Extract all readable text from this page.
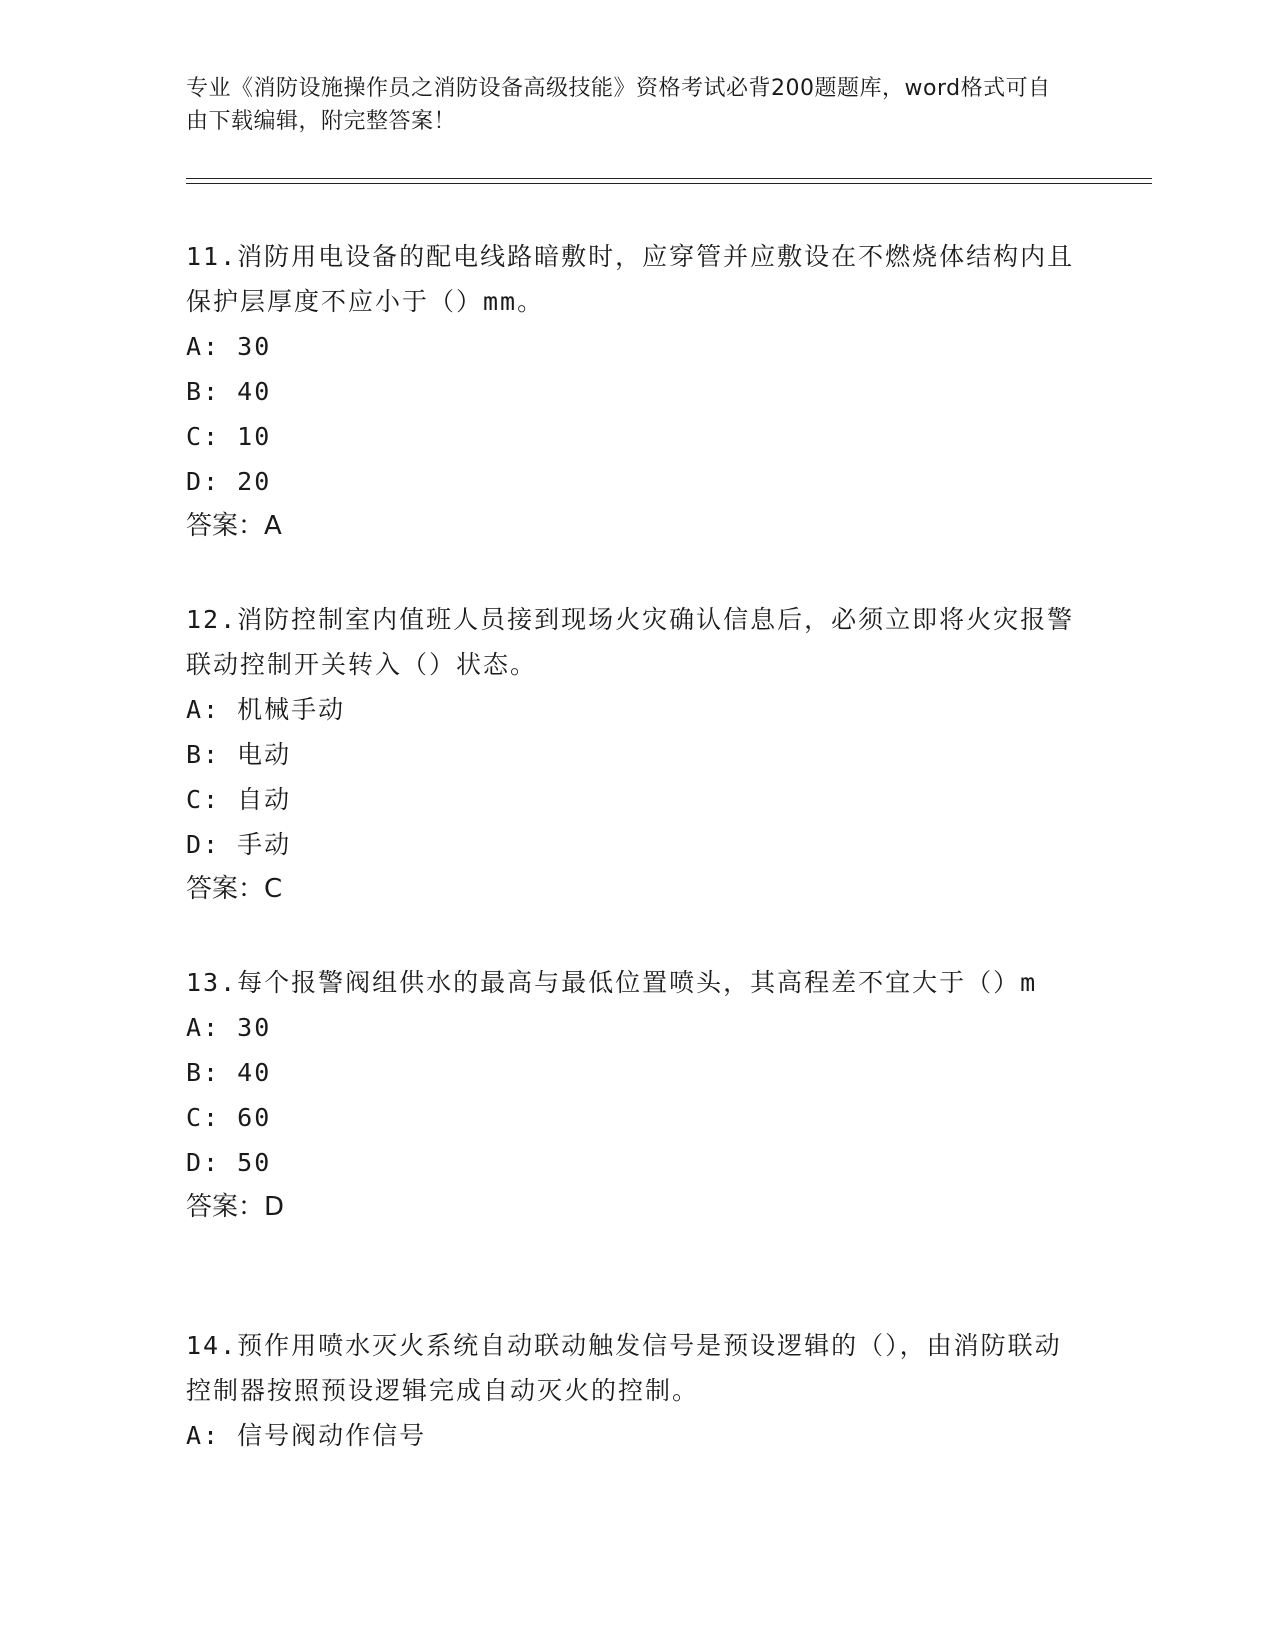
专业《消防设施操作员之消防设备高级技能》资格考试必背200题题库，word格式可自由下载编辑，附完整答案！

11.消防用电设备的配电线路暗敷时，应穿管并应敷设在不燃烧体结构内且保护层厚度不应小于（）mm。

A: 30

B: 40

C: 10

D: 20

答案：A

12.消防控制室内值班人员接到现场火灾确认信息后，必须立即将火灾报警联动控制开关转入（）状态。

A: 机械手动

B: 电动

C: 自动

D: 手动

答案：C

13.每个报警阀组供水的最高与最低位置喷头，其高程差不宜大于（）m

A: 30

B: 40

C: 60

D: 50

答案：D

14.预作用喷水灭火系统自动联动触发信号是预设逻辑的（），由消防联动控制器按照预设逻辑完成自动灭火的控制。

A: 信号阀动作信号
